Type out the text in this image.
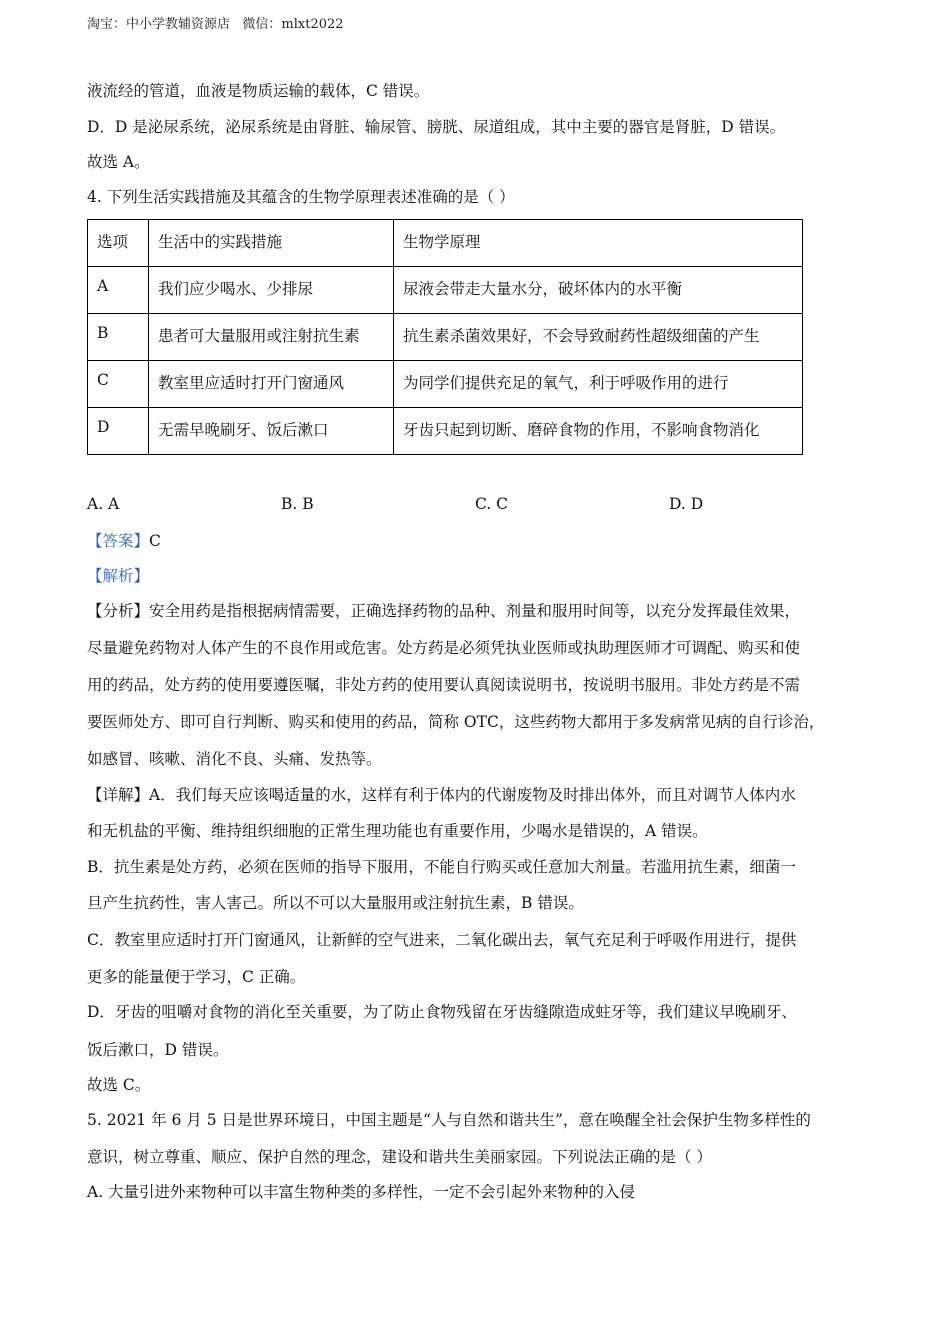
淘宝：中小学教辅资源店   微信：mlxt2022
液流经的管道，血液是物质运输的载体，C 错误。
D．D 是泌尿系统，泌尿系统是由肾脏、输尿管、膀胱、尿道组成，其中主要的器官是肾脏，D 错误。
故选 A。
4. 下列生活实践措施及其蕴含的生物学原理表述准确的是（ ）
选项	生活中的实践措施	生物学原理
A	我们应少喝水、少排尿	尿液会带走大量水分，破坏体内的水平衡
B	患者可大量服用或注射抗生素	抗生素杀菌效果好，不会导致耐药性超级细菌的产生
C	教室里应适时打开门窗通风	为同学们提供充足的氧气，利于呼吸作用的进行
D	无需早晚刷牙、饭后漱口	牙齿只起到切断、磨碎食物的作用，不影响食物消化
A. A	B. B	C. C	D. D
【答案】C
【解析】
【分析】安全用药是指根据病情需要，正确选择药物的品种、剂量和服用时间等，以充分发挥最佳效果，
尽量避免药物对人体产生的不良作用或危害。处方药是必须凭执业医师或执助理医师才可调配、购买和使
用的药品，处方药的使用要遵医嘱，非处方药的使用要认真阅读说明书，按说明书服用。非处方药是不需
要医师处方、即可自行判断、购买和使用的药品，简称 OTC，这些药物大都用于多发病常见病的自行诊治，
如感冒、咳嗽、消化不良、头痛、发热等。
【详解】A．我们每天应该喝适量的水，这样有利于体内的代谢废物及时排出体外，而且对调节人体内水
和无机盐的平衡、维持组织细胞的正常生理功能也有重要作用，少喝水是错误的，A 错误。
B．抗生素是处方药，必须在医师的指导下服用，不能自行购买或任意加大剂量。若滥用抗生素，细菌一
旦产生抗药性，害人害己。所以不可以大量服用或注射抗生素，B 错误。
C．教室里应适时打开门窗通风，让新鲜的空气进来，二氧化碳出去，氧气充足利于呼吸作用进行，提供
更多的能量便于学习，C 正确。
D．牙齿的咀嚼对食物的消化至关重要，为了防止食物残留在牙齿缝隙造成蛀牙等，我们建议早晚刷牙、
饭后漱口，D 错误。
故选 C。
5. 2021 年 6 月 5 日是世界环境日，中国主题是“人与自然和谐共生”，意在唤醒全社会保护生物多样性的
意识，树立尊重、顺应、保护自然的理念，建设和谐共生美丽家园。下列说法正确的是（ ）
A. 大量引进外来物种可以丰富生物种类的多样性，一定不会引起外来物种的入侵
